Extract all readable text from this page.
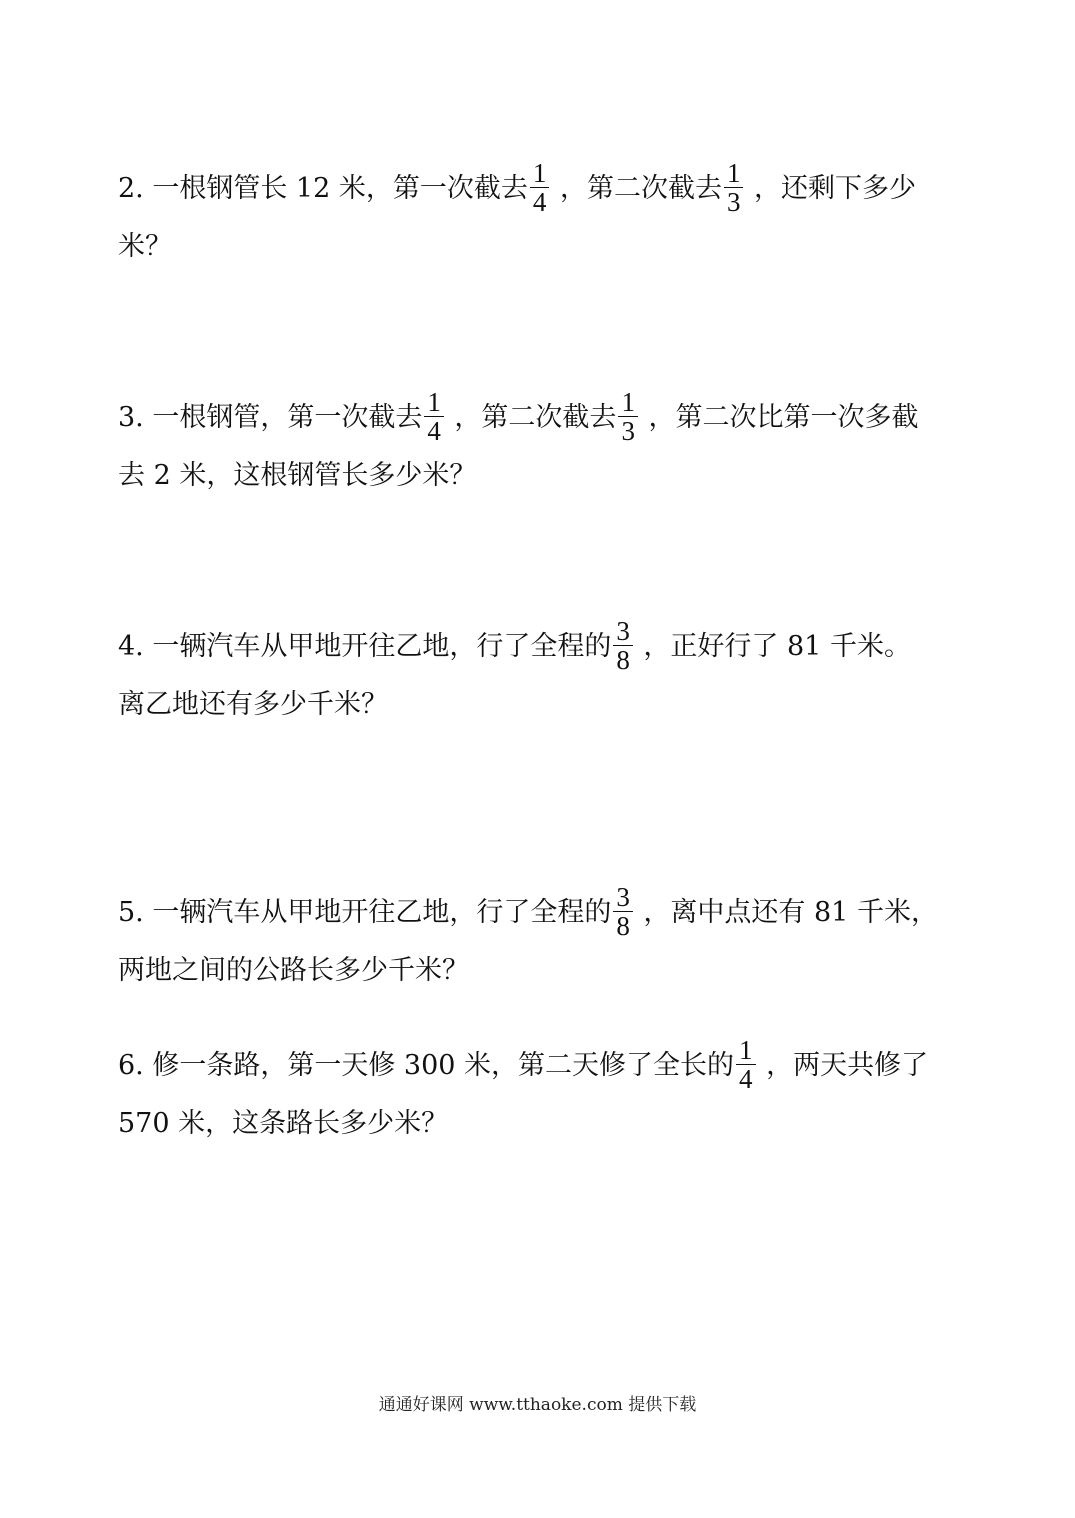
2. 一根钢管长 12 米，第一次截去 $\frac{1}{4}$ ，第二次截去 $\frac{1}{3}$ ，还剩下多少
米？
3. 一根钢管，第一次截去 $\frac{1}{4}$ ，第二次截去 $\frac{1}{3}$ ，第二次比第一次多截
去 2 米，这根钢管长多少米？
4. 一辆汽车从甲地开往乙地，行了全程的 $\frac{3}{8}$ ，正好行了 81 千米。
离乙地还有多少千米？
5. 一辆汽车从甲地开往乙地，行了全程的 $\frac{3}{8}$ ，离中点还有 81 千米，
两地之间的公路长多少千米？
6. 修一条路，第一天修 300 米，第二天修了全长的 $\frac{1}{4}$ ，两天共修了
570 米，这条路长多少米？
通通好课网 www.tthaoke.com 提供下载
